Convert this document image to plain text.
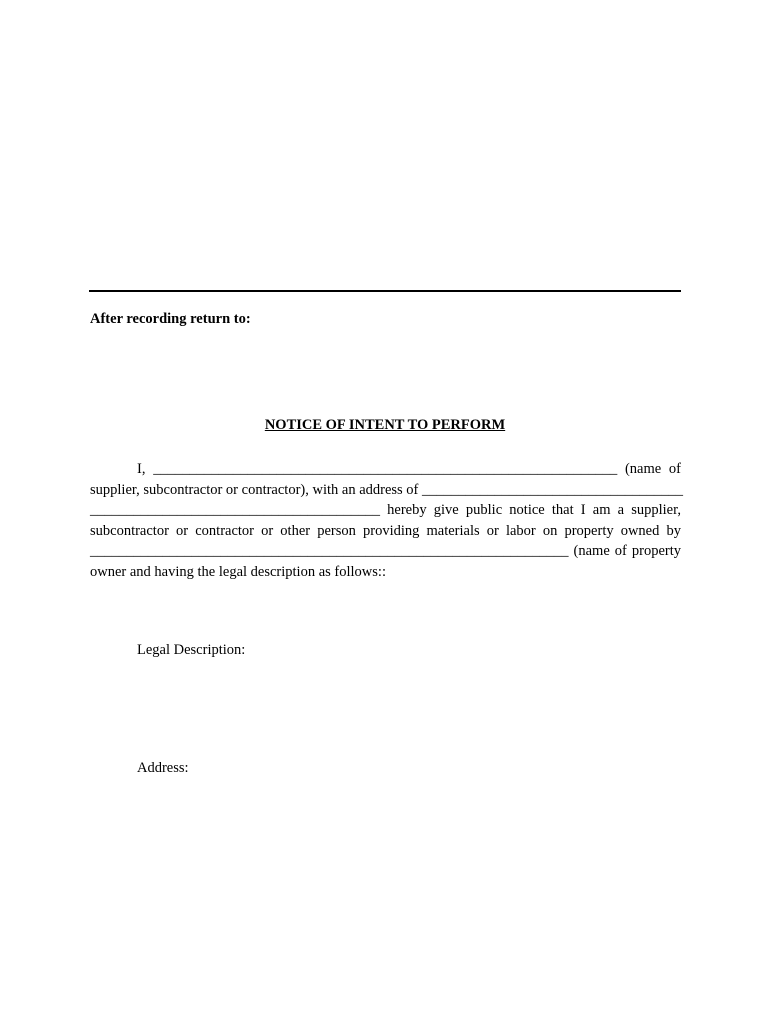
After recording return to:
NOTICE OF INTENT TO PERFORM
I, ________________________________________________________________ (name of
supplier, subcontractor or contractor), with an address of ____________________________________
________________________________________ hereby give public notice that I am a supplier,
subcontractor or contractor or other person providing materials or labor on property owned by
__________________________________________________________________ (name of property
owner and having the legal description as follows::
Legal Description:
Address:
